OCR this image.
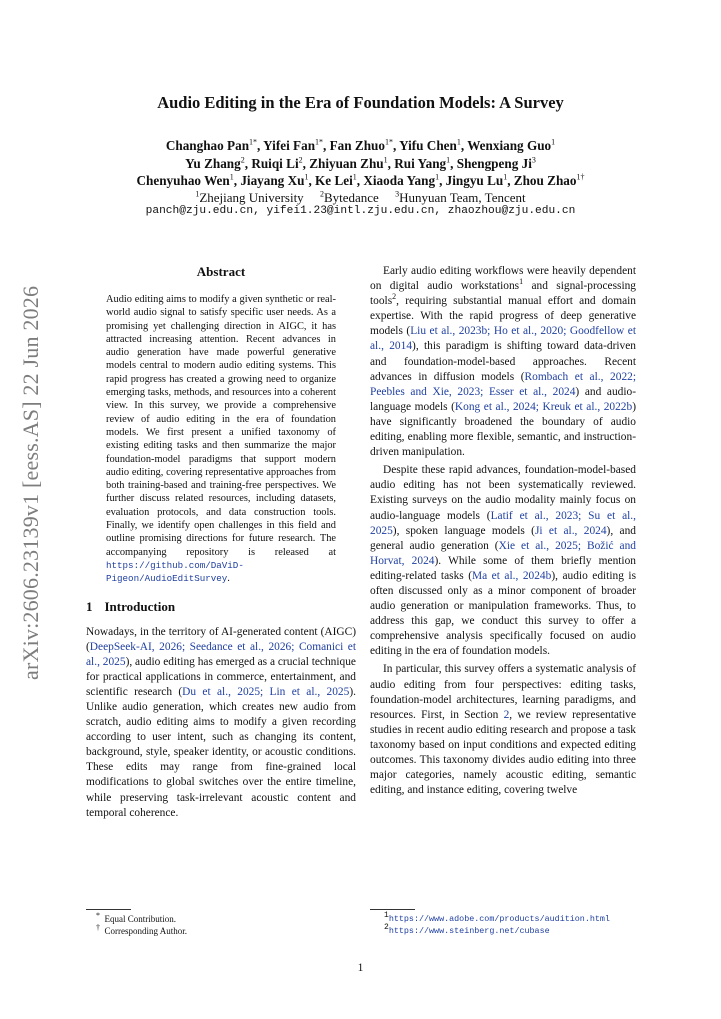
arXiv:2606.23139v1 [eess.AS] 22 Jun 2026
Audio Editing in the Era of Foundation Models: A Survey
Changhao Pan$^{1*}$, Yifei Fan$^{1*}$, Fan Zhuo$^{1*}$, Yifu Chen$^1$, Wenxiang Guo$^1$
Yu Zhang$^2$, Ruiqi Li$^2$, Zhiyuan Zhu$^1$, Rui Yang$^1$, Shengpeng Ji$^3$
Chenyuhao Wen$^1$, Jiayang Xu$^1$, Ke Lei$^1$, Xiaoda Yang$^1$, Jingyu Lu$^1$, Zhou Zhao$^{1\dagger}$
$^1$Zhejiang University $^2$Bytedance $^3$Hunyuan Team, Tencent
panch@zju.edu.cn, yifei1.23@intl.zju.edu.cn, zhaozhou@zju.edu.cn
Abstract

Audio editing aims to modify a given synthetic or real-world audio signal to satisfy specific user needs. As a promising yet challenging direction in AIGC, it has attracted increasing attention. Recent advances in audio generation have made powerful generative models central to modern audio editing systems. This rapid progress has created a growing need to organize emerging tasks, methods, and resources into a coherent view. In this survey, we provide a comprehensive review of audio editing in the era of foundation models. We first present a unified taxonomy of existing editing tasks and then summarize the major foundation-model paradigms that support modern audio editing, covering representative approaches from both training-based and training-free perspectives. We further discuss related resources, including datasets, evaluation protocols, and data construction tools. Finally, we identify open challenges in this field and outline promising directions for future research. The accompanying repository is released at https://github.com/DaViD-Pigeon/AudioEditSurvey.

1 Introduction

Nowadays, in the territory of AI-generated content (AIGC) (DeepSeek-AI, 2026; Seedance et al., 2026; Comanici et al., 2025), audio editing has emerged as a crucial technique for practical applications in commerce, entertainment, and scientific research (Du et al., 2025; Lin et al., 2025). Unlike audio generation, which creates new audio from scratch, audio editing aims to modify a given recording according to user intent, such as changing its content, background, style, speaker identity, or acoustic conditions. These edits may range from fine-grained local modifications to global switches over the entire timeline, while preserving task-irrelevant acoustic content and temporal coherence.

Early audio editing workflows were heavily dependent on digital audio workstations$^1$ and signal-processing tools$^2$, requiring substantial manual effort and domain expertise. With the rapid progress of deep generative models (Liu et al., 2023b; Ho et al., 2020; Goodfellow et al., 2014), this paradigm is shifting toward data-driven and foundation-model-based approaches. Recent advances in diffusion models (Rombach et al., 2022; Peebles and Xie, 2023; Esser et al., 2024) and audio-language models (Kong et al., 2024; Kreuk et al., 2022b) have significantly broadened the boundary of audio editing, enabling more flexible, semantic, and instruction-driven manipulation.

Despite these rapid advances, foundation-model-based audio editing has not been systematically reviewed. Existing surveys on the audio modality mainly focus on audio-language models (Latif et al., 2023; Su et al., 2025), spoken language models (Ji et al., 2024), and general audio generation (Xie et al., 2025; Božić and Horvat, 2024). While some of them briefly mention editing-related tasks (Ma et al., 2024b), audio editing is often discussed only as a minor component of broader audio generation or manipulation frameworks. Thus, to address this gap, we conduct this survey to offer a comprehensive analysis specifically focused on audio editing in the era of foundation models.

In particular, this survey offers a systematic analysis of audio editing from four perspectives: editing tasks, foundation-model architectures, learning paradigms, and resources. First, in Section 2, we review representative studies in recent audio editing research and propose a task taxonomy based on input conditions and expected editing outcomes. This taxonomy divides audio editing into three major categories, namely acoustic editing, semantic editing, and instance editing, covering twelve

* Equal Contribution.
† Corresponding Author.
$^1$https://www.adobe.com/products/audition.html
$^2$https://www.steinberg.net/cubase
1
